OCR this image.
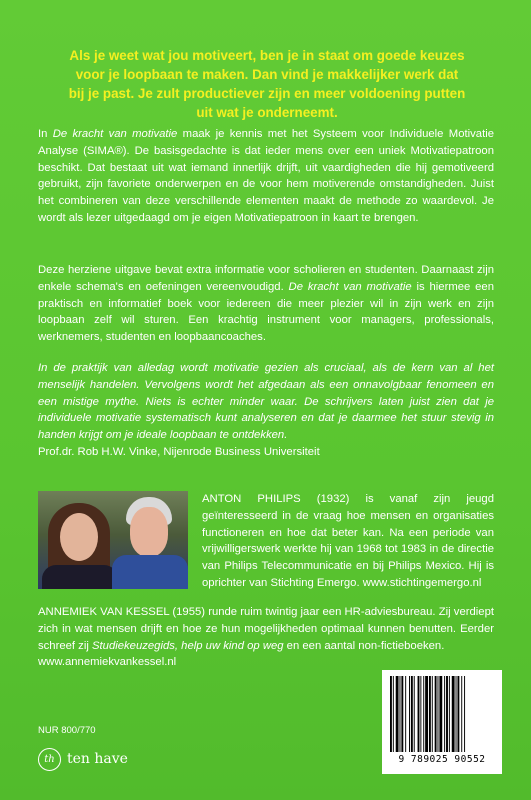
Als je weet wat jou motiveert, ben je in staat om goede keuzes
voor je loopbaan te maken. Dan vind je makkelijker werk dat
bij je past. Je zult productiever zijn en meer voldoening putten
uit wat je onderneemt.

In De kracht van motivatie maak je kennis met het Systeem voor Individuele Motivatie Analyse (SIMA®). De basisgedachte is dat ieder mens over een uniek Motivatiepatroon beschikt. Dat bestaat uit wat iemand innerlijk drijft, uit vaardigheden die hij gemotiveerd gebruikt, zijn favoriete onderwerpen en de voor hem motiverende omstandigheden. Juist het combineren van deze verschillende elementen maakt de methode zo waardevol. Je wordt als lezer uitgedaagd om je eigen Motivatiepatroon in kaart te brengen.

Deze herziene uitgave bevat extra informatie voor scholieren en studenten. Daarnaast zijn enkele schema's en oefeningen vereenvoudigd. De kracht van motivatie is hiermee een praktisch en informatief boek voor iedereen die meer plezier wil in zijn werk en zijn loopbaan zelf wil sturen. Een krachtig instrument voor managers, professionals, werknemers, studenten en loopbaancoaches.

In de praktijk van alledag wordt motivatie gezien als cruciaal, als de kern van al het menselijk handelen. Vervolgens wordt het afgedaan als een onnavolgbaar fenomeen en een mistige mythe. Niets is echter minder waar. De schrijvers laten juist zien dat je individuele motivatie systematisch kunt analyseren en dat je daarmee het stuur stevig in handen krijgt om je ideale loopbaan te ontdekken.

Prof.dr. Rob H.W. Vinke, Nijenrode Business Universiteit

ANTON PHILIPS (1932) is vanaf zijn jeugd geïnteresseerd in de vraag hoe mensen en organisaties functioneren en hoe dat beter kan. Na een periode van vrijwilligerswerk werkte hij van 1968 tot 1983 in de directie van Philips Telecommunicatie en bij Philips Mexico. Hij is oprichter van Stichting Emergo. www.stichtingemergo.nl

ANNEMIEK VAN KESSEL (1955) runde ruim twintig jaar een HR-adviesbureau. Zij verdiept zich in wat mensen drijft en hoe ze hun mogelijkheden optimaal kunnen benutten. Eerder schreef zij Studiekeuzegids, help uw kind op weg en een aantal non-fictieboeken.
www.annemiekvankessel.nl

NUR 800/770

th ten have	9 789025 90552
